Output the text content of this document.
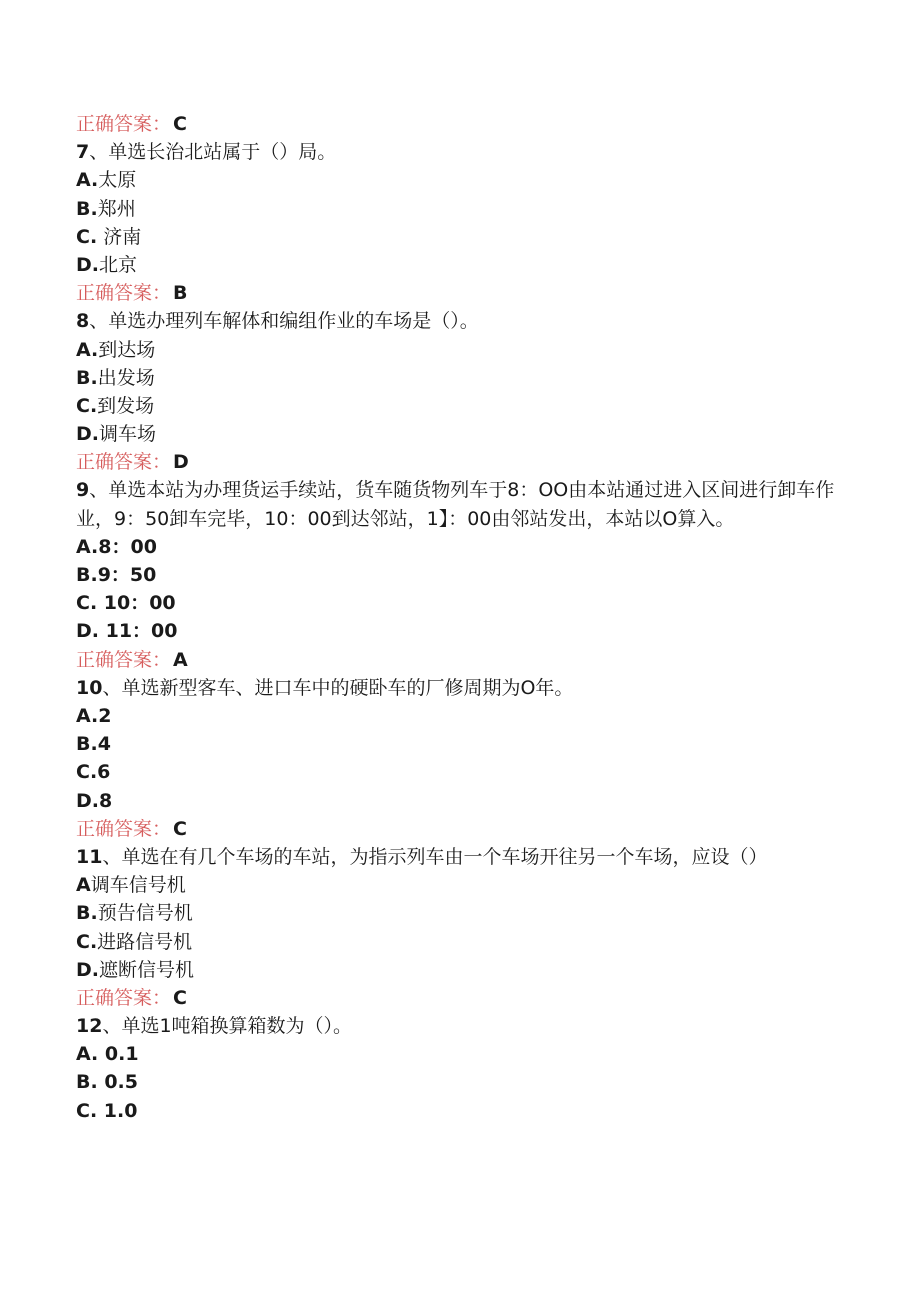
正确答案： C
7、单选长治北站属于（）局。
A.太原
B.郑州
C. 济南
D.北京
正确答案： B
8、单选办理列车解体和编组作业的车场是（）。
A.到达场
B.出发场
C.到发场
D.调车场
正确答案： D
9、单选本站为办理货运手续站，货车随货物列车于8：OO由本站通过进入区间进行卸车作业，9：50卸车完毕，10：00到达邻站，1】：00由邻站发出，本站以O算入。
A.8：00
B.9：50
C. 10：00
D. 11：00
正确答案： A
10、单选新型客车、进口车中的硬卧车的厂修周期为O年。
A.2
B.4
C.6
D.8
正确答案： C
11、单选在有几个车场的车站，为指示列车由一个车场开往另一个车场，应设（）
A调车信号机
B.预告信号机
C.进路信号机
D.遮断信号机
正确答案： C
12、单选1吨箱换算箱数为（）。
A. 0.1
B. 0.5
C. 1.0
